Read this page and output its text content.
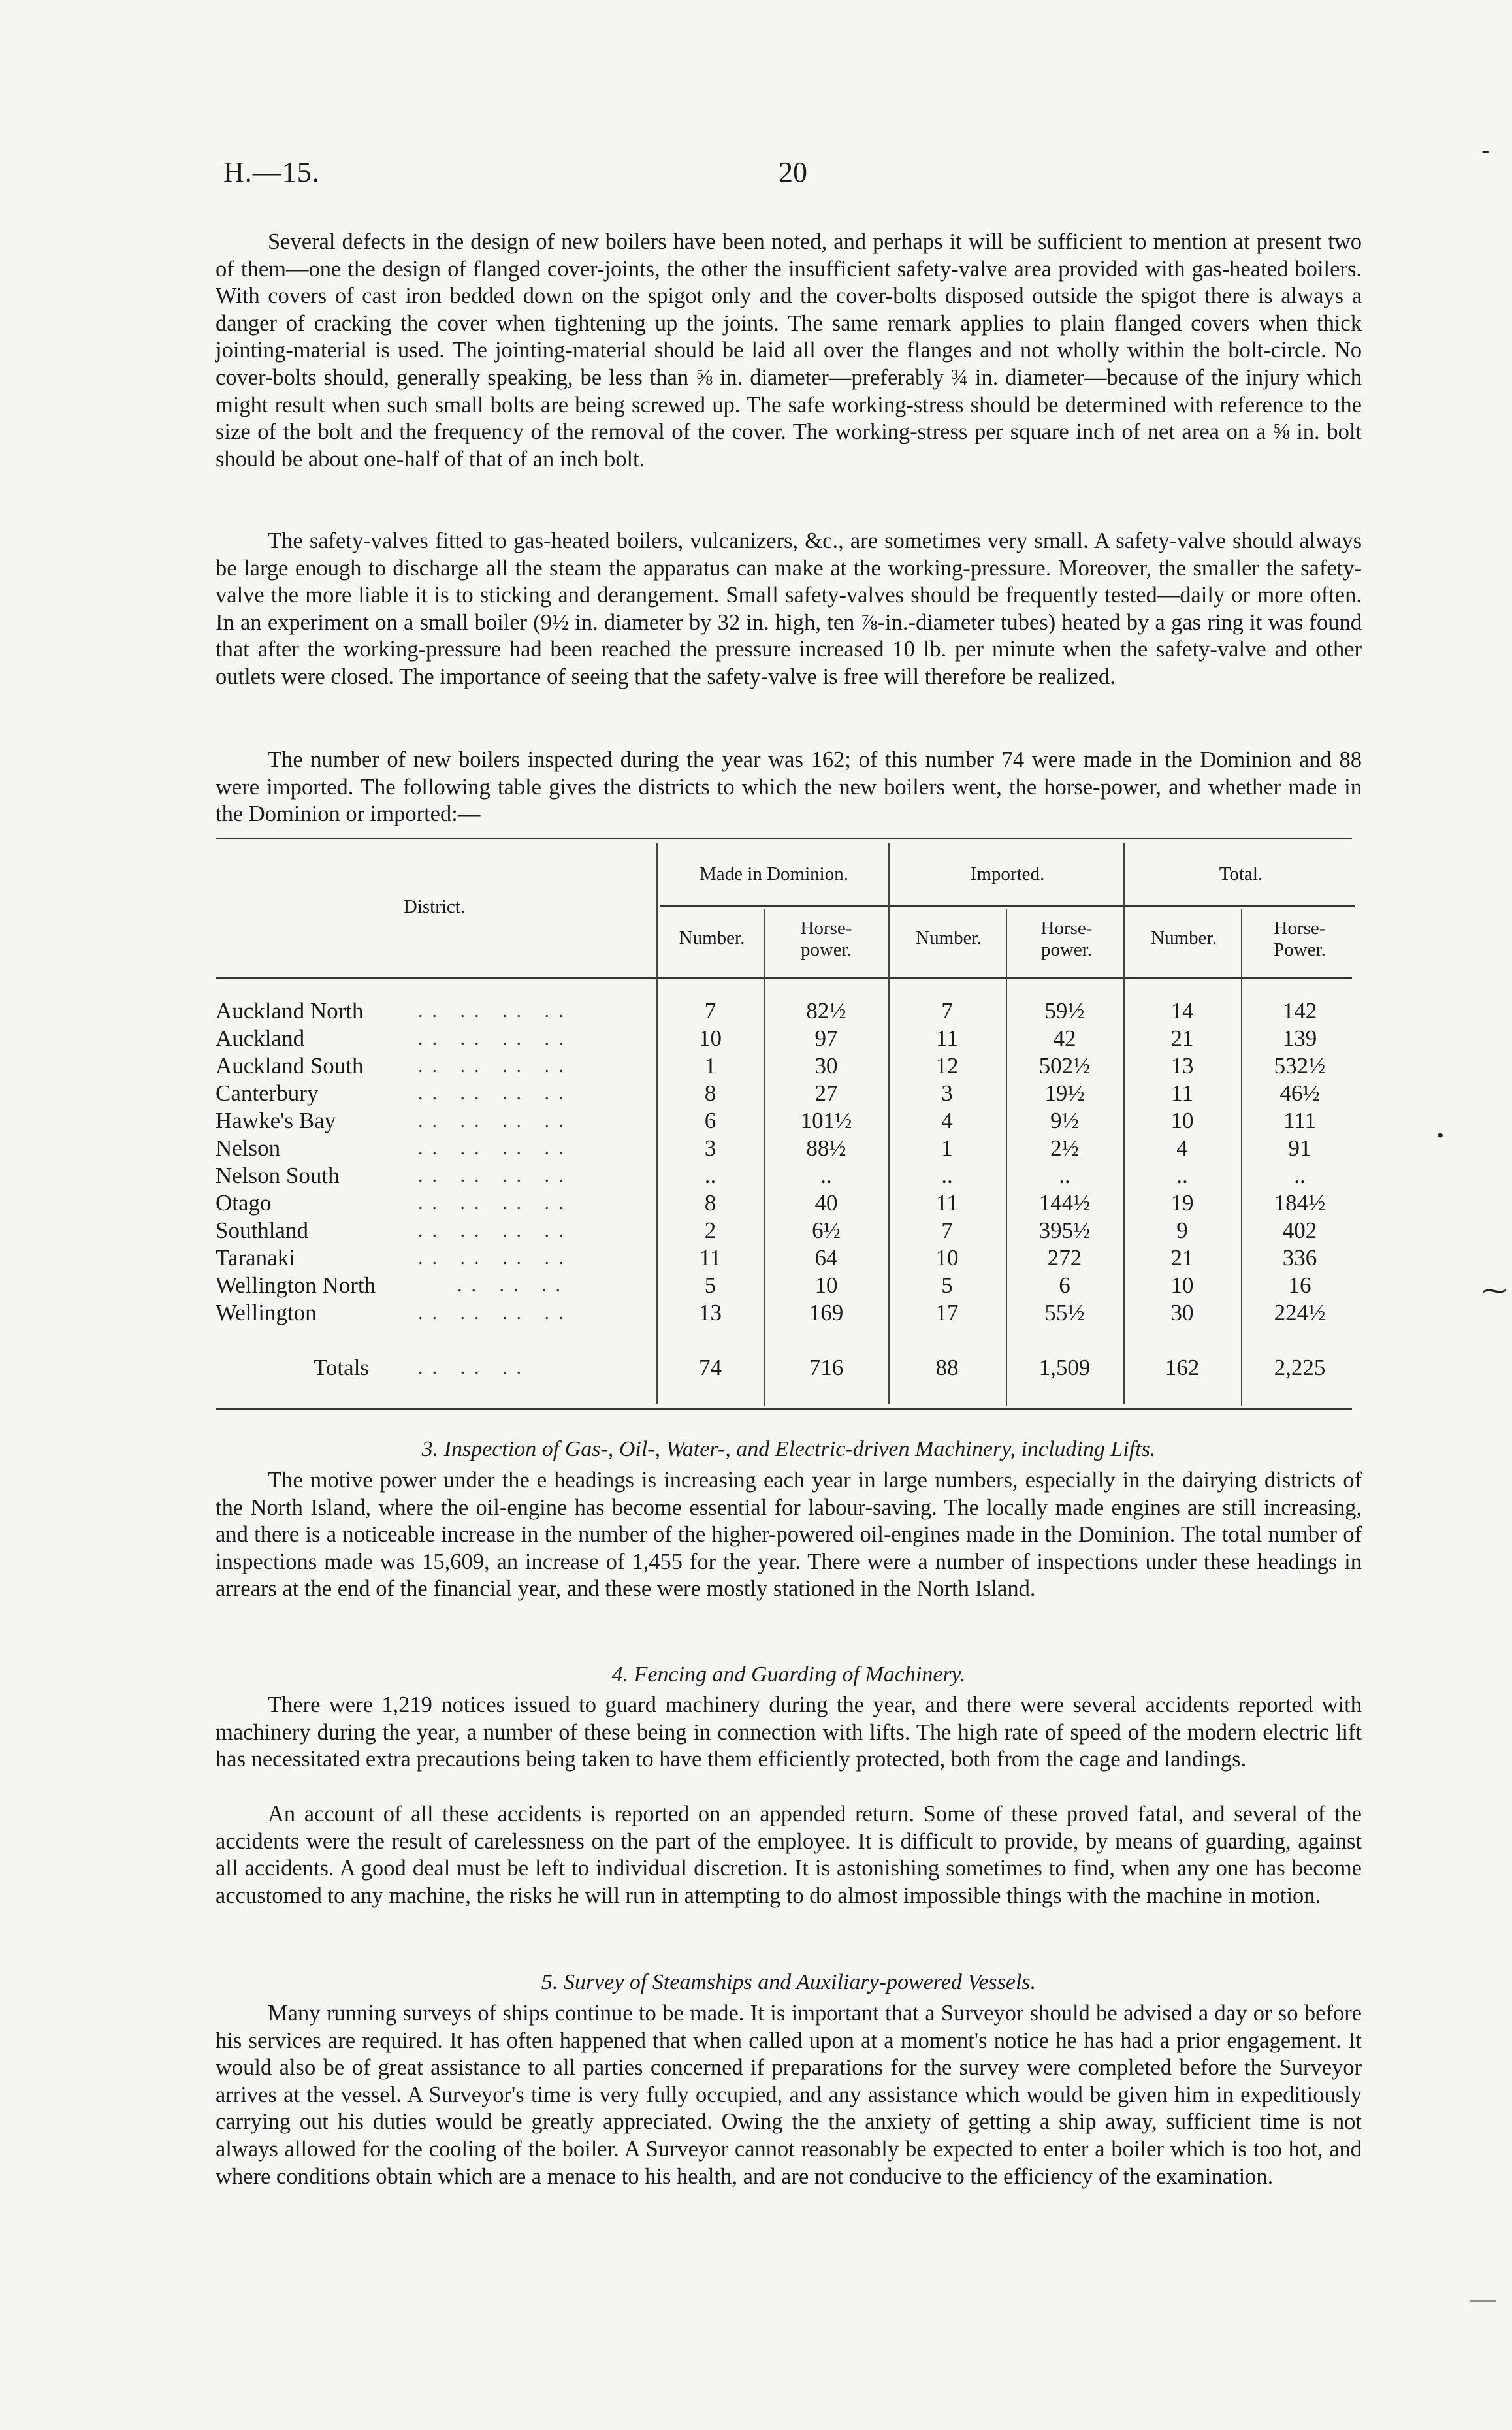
H.—15.	20

Several defects in the design of new boilers have been noted, and perhaps it will be sufficient to mention at present two of them—one the design of flanged cover-joints, the other the insufficient safety-valve area provided with gas-heated boilers. With covers of cast iron bedded down on the spigot only and the cover-bolts disposed outside the spigot there is always a danger of cracking the cover when tightening up the joints. The same remark applies to plain flanged covers when thick jointing-material is used. The jointing-material should be laid all over the flanges and not wholly within the bolt-circle. No cover-bolts should, generally speaking, be less than ⅝ in. diameter—preferably ¾ in. diameter—because of the injury which might result when such small bolts are being screwed up. The safe working-stress should be determined with reference to the size of the bolt and the frequency of the removal of the cover. The working-stress per square inch of net area on a ⅝ in. bolt should be about one-half of that of an inch bolt.

The safety-valves fitted to gas-heated boilers, vulcanizers, &c., are sometimes very small. A safety-valve should always be large enough to discharge all the steam the apparatus can make at the working-pressure. Moreover, the smaller the safety-valve the more liable it is to sticking and derangement. Small safety-valves should be frequently tested—daily or more often. In an experiment on a small boiler (9½ in. diameter by 32 in. high, ten ⅞-in.-diameter tubes) heated by a gas ring it was found that after the working-pressure had been reached the pressure increased 10 lb. per minute when the safety-valve and other outlets were closed. The importance of seeing that the safety-valve is free will therefore be realized.

The number of new boilers inspected during the year was 162; of this number 74 were made in the Dominion and 88 were imported. The following table gives the districts to which the new boilers went, the horse-power, and whether made in the Dominion or imported:—

District.
Made in Dominion.	Imported.	Total.
Number.	Horse-power.
Number.	Horse-power.
Number.	Horse-Power.
Auckland North	.. .. .. ..	7	82½	7	59½	14	142
Auckland	.. .. .. ..	10	97	11	42	21	139
Auckland South	.. .. .. ..	1	30	12	502½	13	532½
Canterbury	.. .. .. ..	8	27	3	19½	11	46½
Hawke's Bay	.. .. .. ..	6	101½	4	9½	10	111
Nelson	.. .. .. ..	3	88½	1	2½	4	91
Nelson South	.. .. .. ..	..	..	..	..	..	..
Otago	.. .. .. ..	8	40	11	144½	19	184½
Southland	.. .. .. ..	2	6½	7	395½	9	402
Taranaki	.. .. .. ..	11	64	10	272	21	336
Wellington North	.. .. ..	5	10	5	6	10	16
Wellington	.. .. .. ..	13	169	17	55½	30	224½
Totals .. .. ..	74	716	88	1,509	162	2,225

3. Inspection of Gas-, Oil-, Water-, and Electric-driven Machinery, including Lifts.

The motive power under the e headings is increasing each year in large numbers, especially in the dairying districts of the North Island, where the oil-engine has become essential for labour-saving. The locally made engines are still increasing, and there is a noticeable increase in the number of the higher-powered oil-engines made in the Dominion. The total number of inspections made was 15,609, an increase of 1,455 for the year. There were a number of inspections under these headings in arrears at the end of the financial year, and these were mostly stationed in the North Island.

4. Fencing and Guarding of Machinery.

There were 1,219 notices issued to guard machinery during the year, and there were several accidents reported with machinery during the year, a number of these being in connection with lifts. The high rate of speed of the modern electric lift has necessitated extra precautions being taken to have them efficiently protected, both from the cage and landings.

An account of all these accidents is reported on an appended return. Some of these proved fatal, and several of the accidents were the result of carelessness on the part of the employee. It is difficult to provide, by means of guarding, against all accidents. A good deal must be left to individual discretion. It is astonishing sometimes to find, when any one has become accustomed to any machine, the risks he will run in attempting to do almost impossible things with the machine in motion.

5. Survey of Steamships and Auxiliary-powered Vessels.

Many running surveys of ships continue to be made. It is important that a Surveyor should be advised a day or so before his services are required. It has often happened that when called upon at a moment's notice he has had a prior engagement. It would also be of great assistance to all parties concerned if preparations for the survey were completed before the Surveyor arrives at the vessel. A Surveyor's time is very fully occupied, and any assistance which would be given him in expeditiously carrying out his duties would be greatly appreciated. Owing the the anxiety of getting a ship away, sufficient time is not always allowed for the cooling of the boiler. A Surveyor cannot reasonably be expected to enter a boiler which is too hot, and where conditions obtain which are a menace to his health, and are not conducive to the efficiency of the examination.

-
⁓
•
—
